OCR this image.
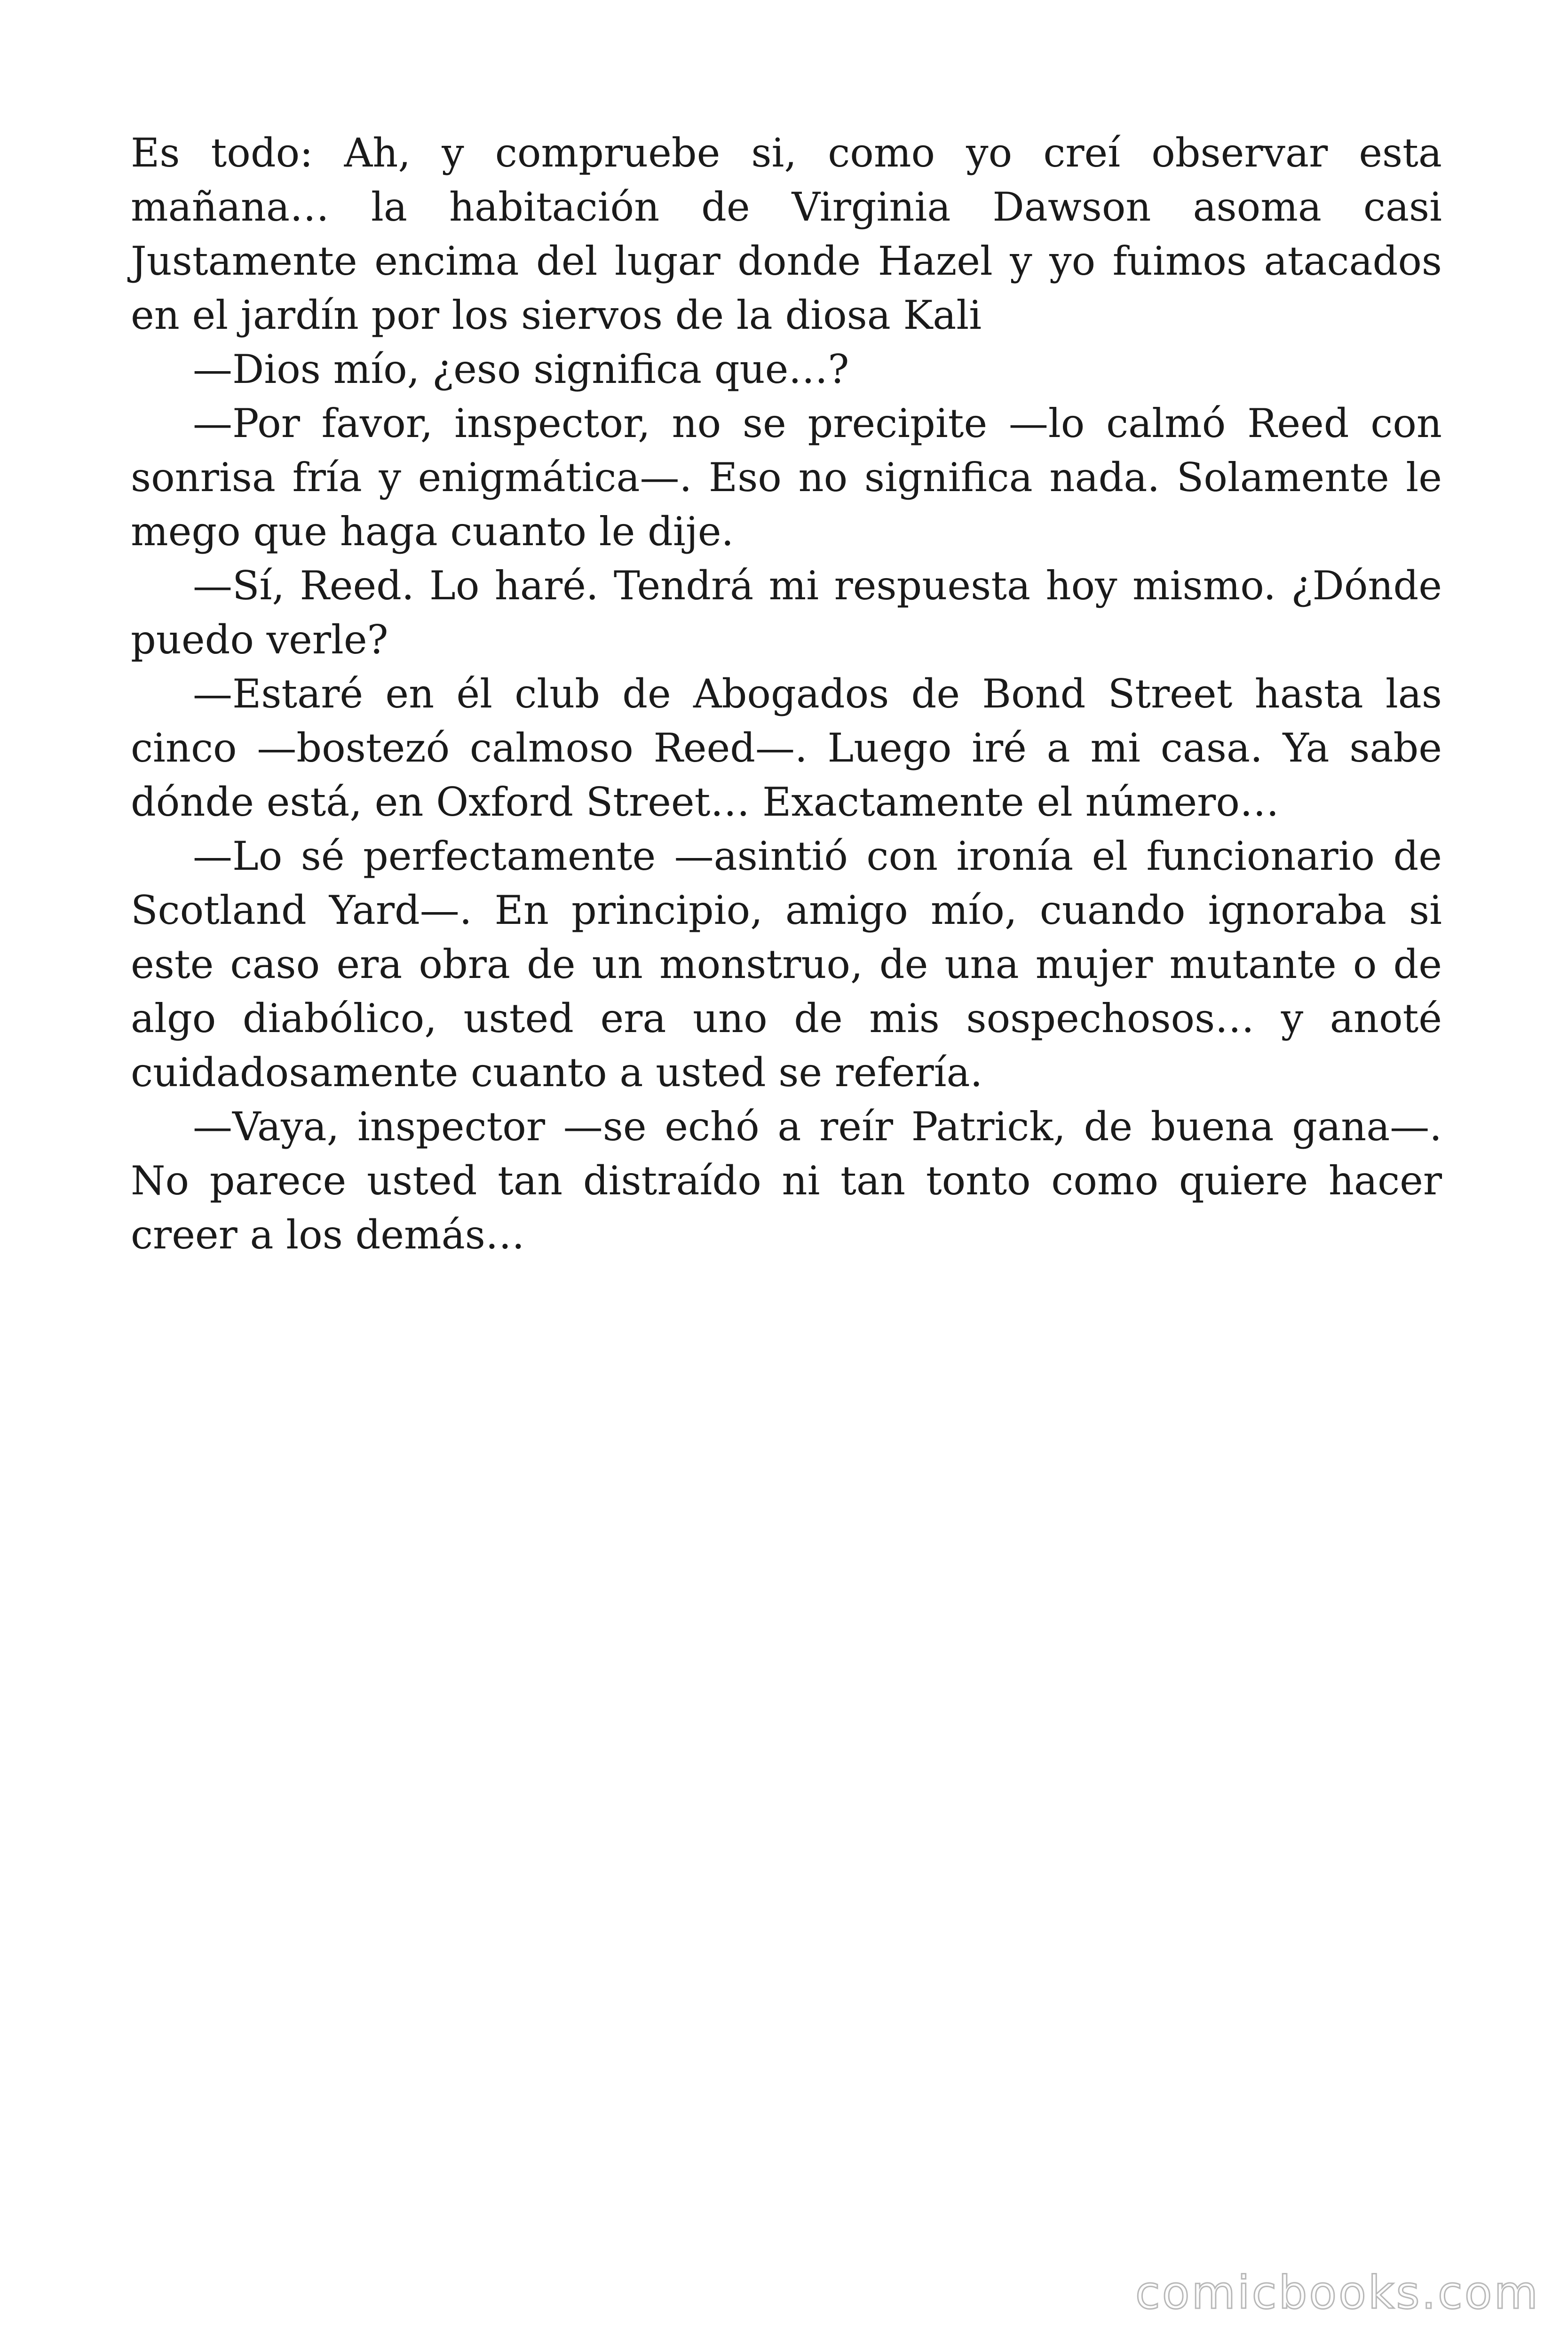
Es todo: Ah, y compruebe si, como yo creí observar esta mañana… la habitación de Virginia Dawson asoma casi Justamente encima del lugar donde Hazel y yo fuimos atacados en el jardín por los siervos de la diosa Kali

—Dios mío, ¿eso significa que…?

—Por favor, inspector, no se precipite —lo calmó Reed con sonrisa fría y enigmática—. Eso no significa nada. Solamente le mego que haga cuanto le dije.

—Sí, Reed. Lo haré. Tendrá mi respuesta hoy mismo. ¿Dónde puedo verle?

—Estaré en él club de Abogados de Bond Street hasta las cinco —bostezó calmoso Reed—. Luego iré a mi casa. Ya sabe dónde está, en Oxford Street… Exactamente el número…

—Lo sé perfectamente —asintió con ironía el funcionario de Scotland Yard—. En principio, amigo mío, cuando ignoraba si este caso era obra de un monstruo, de una mujer mutante o de algo diabólico, usted era uno de mis sospechosos… y anoté cuidadosamente cuanto a usted se refería.

—Vaya, inspector —se echó a reír Patrick, de buena gana—. No parece usted tan distraído ni tan tonto como quiere hacer creer a los demás…

comicbooks.com
